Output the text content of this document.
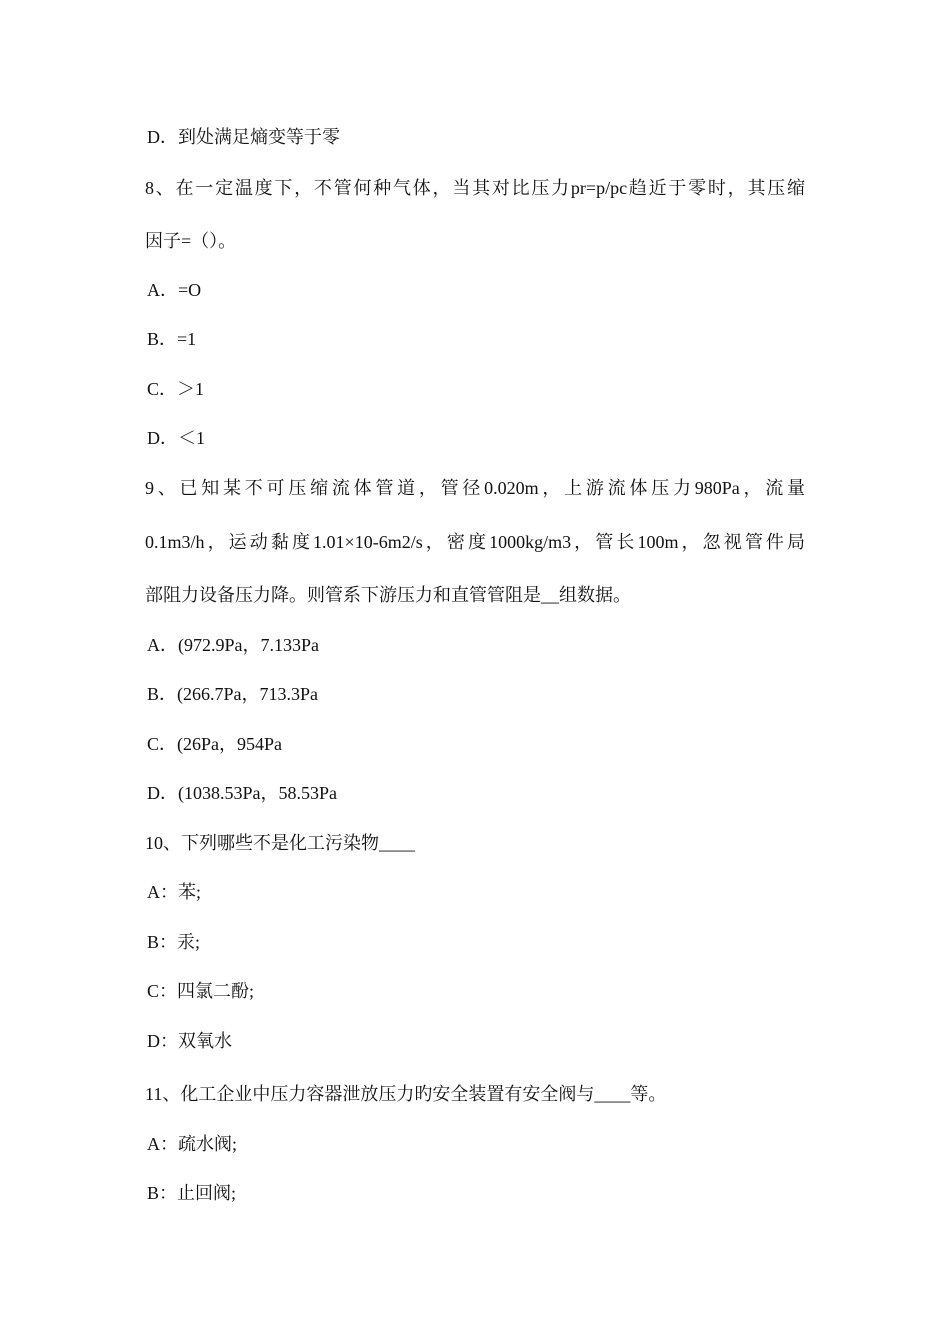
D．到处满足熵变等于零
8、在一定温度下，不管何种气体，当其对比压力pr=p/pc趋近于零时，其压缩
因子=（）。
A．=O
B．=1
C．＞1
D．＜1
9、已知某不可压缩流体管道，管径0.020m，上游流体压力980Pa，流量
0.1m3/h，运动黏度1.01×10-6m2/s，密度1000kg/m3，管长100m，忽视管件局
部阻力设备压力降。则管系下游压力和直管管阻是__组数据。
A．(972.9Pa，7.133Pa
B．(266.7Pa，713.3Pa
C．(26Pa，954Pa
D．(1038.53Pa，58.53Pa
10、下列哪些不是化工污染物____
A：苯;
B：汞;
C：四氯二酚;
D：双氧水
11、化工企业中压力容器泄放压力旳安全装置有安全阀与____等。
A：疏水阀;
B：止回阀;
